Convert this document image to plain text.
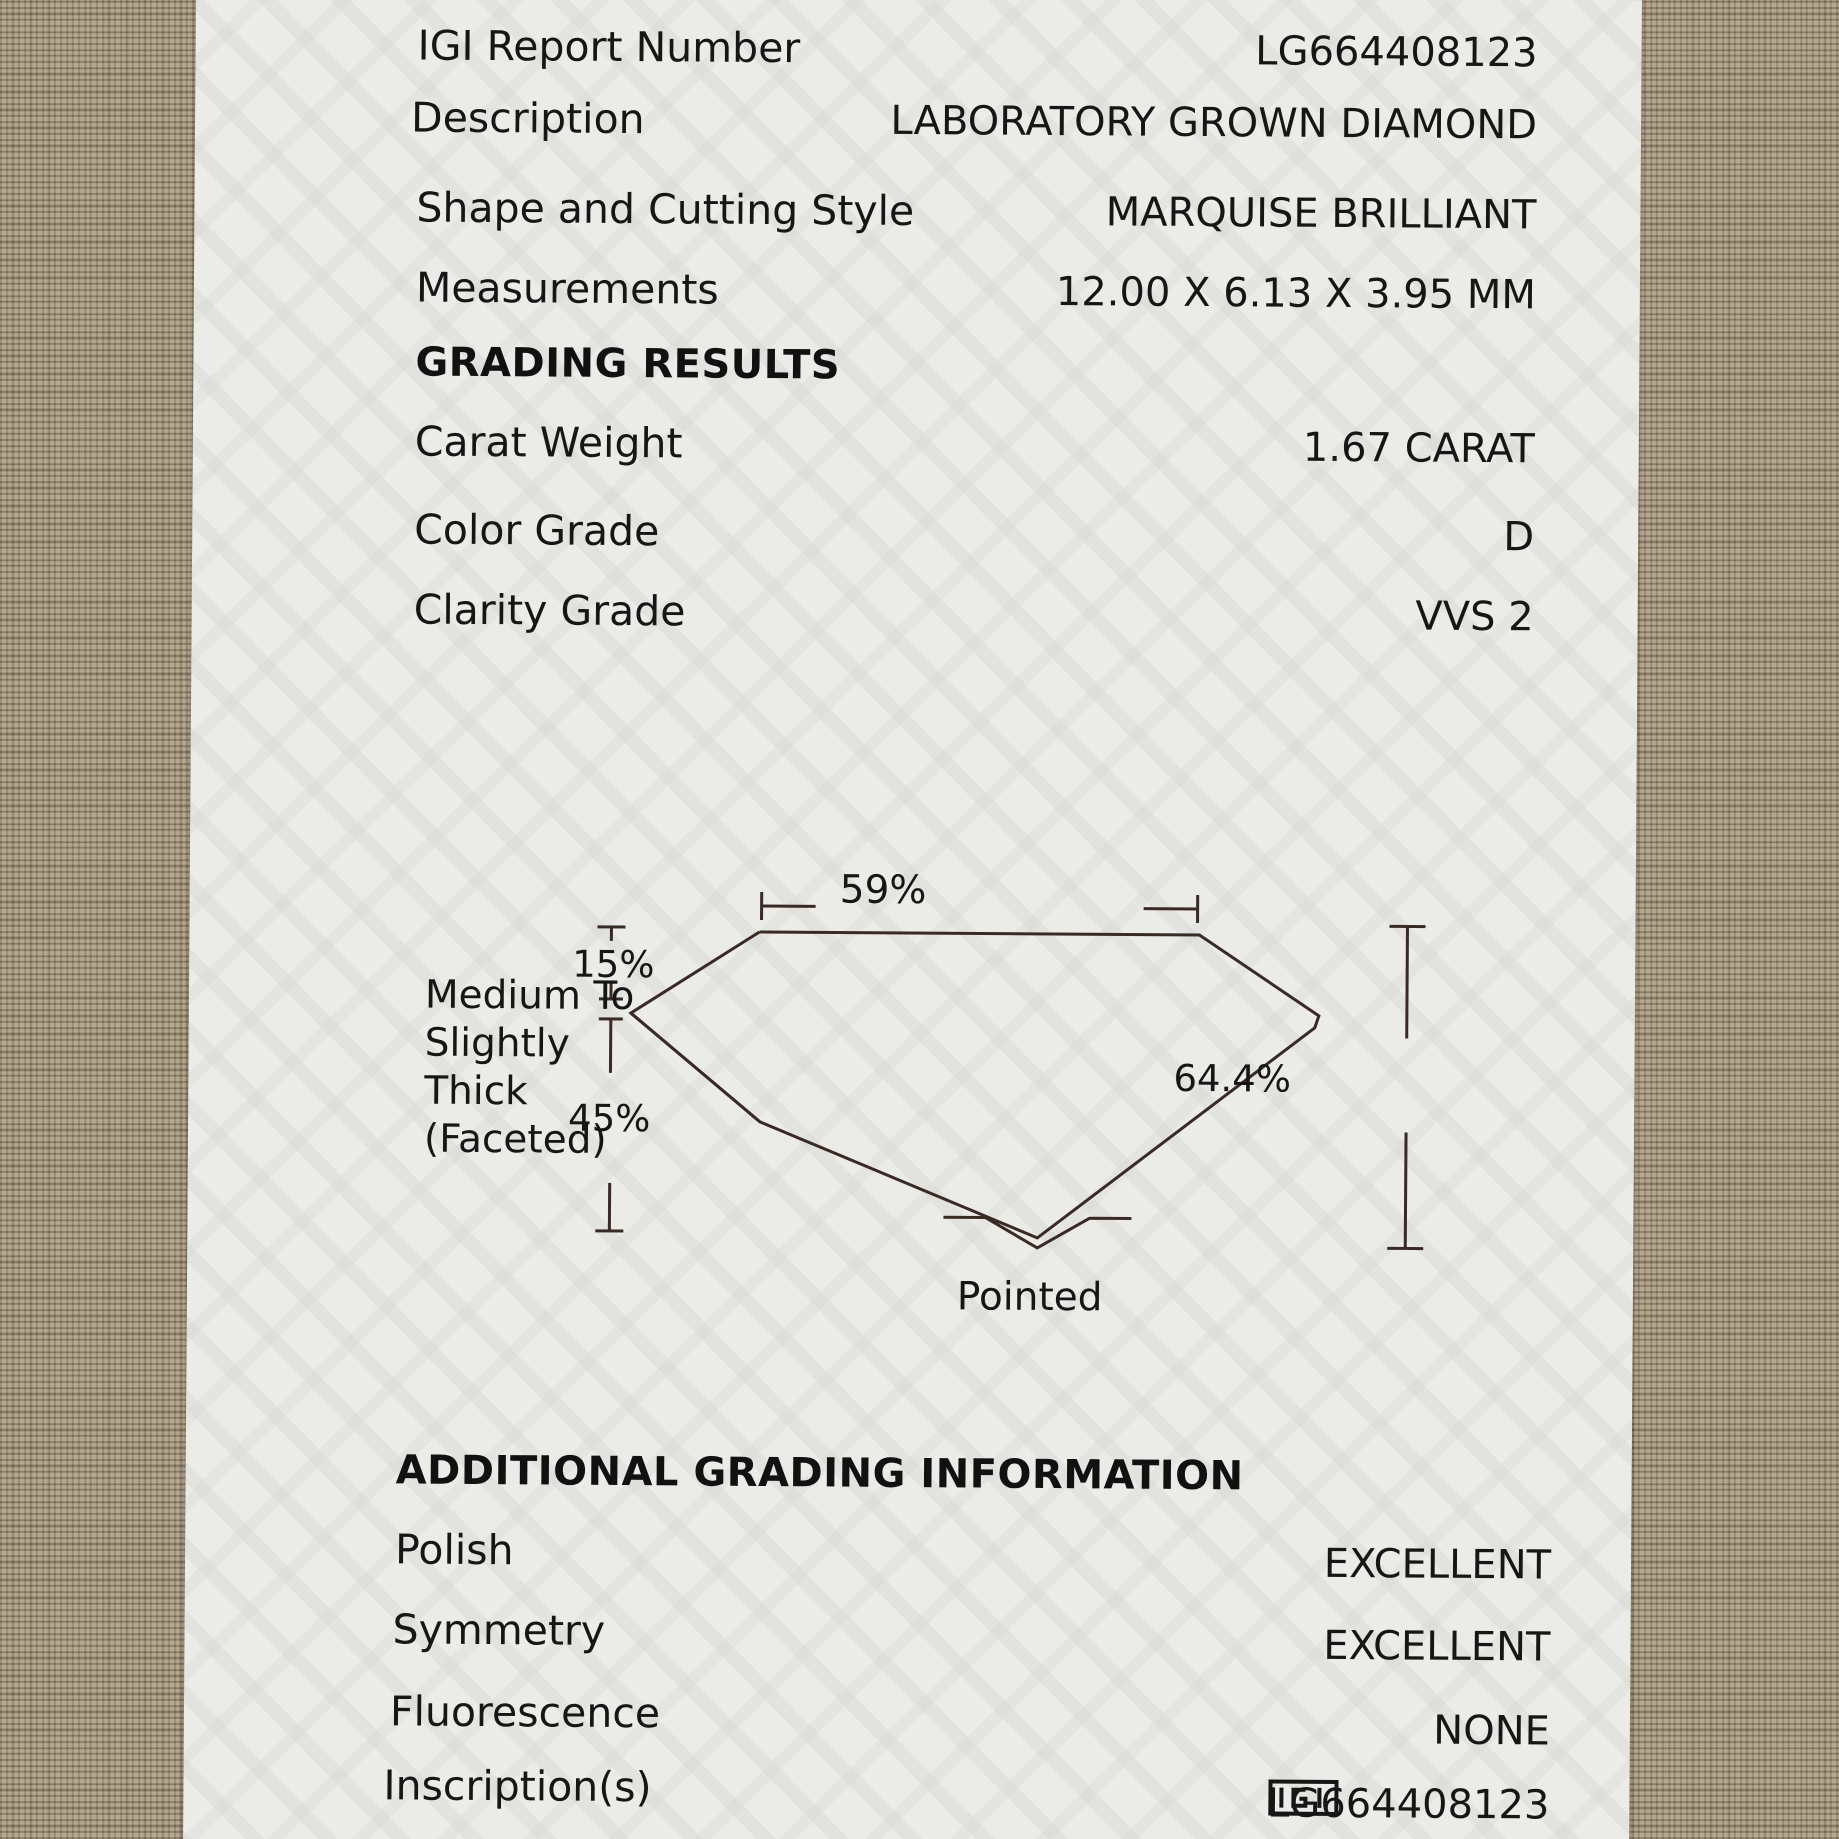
IGI Report Number	LG664408123
Description	LABORATORY GROWN DIAMOND
Shape and Cutting Style	MARQUISE BRILLIANT
Measurements	12.00 X 6.13 X 3.95 MM
GRADING RESULTS
Carat Weight	1.67 CARAT
Color Grade	D
Clarity Grade	VVS 2
59%
15%
45%
64.4%
Medium To
Slightly
Thick
(Faceted)
Pointed
ADDITIONAL GRADING INFORMATION
Polish	EXCELLENT
Symmetry	EXCELLENT
Fluorescence	NONE
Inscription(s)	LG664408123
